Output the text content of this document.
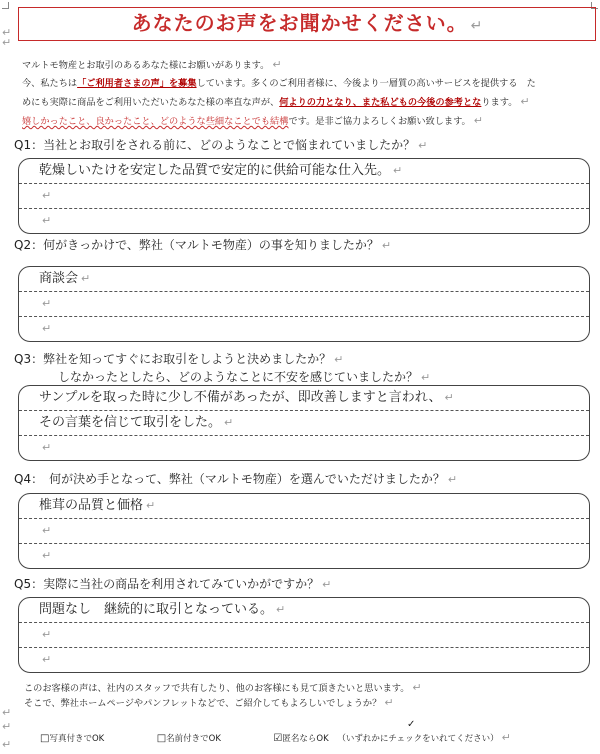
↵
↵
あなたのお声をお聞かせください。 ↵
マルトモ物産とお取引のあるあなた様にお願いがあります。 ↵
今、私たちは「ご利用者さまの声」を募集しています。多くのご利用者様に、今後より一層質の高いサービスを提供する　た
めにも実際に商品をご利用いただいたあなた様の率直な声が、何よりの力となり、また私どもの今後の参考となります。 ↵
嬉しかったこと、良かったこと、どのような些細なことでも結構です。是非ご協力よろしくお願い致します。 ↵
Q1：当社とお取引をされる前に、どのようなことで悩まれていましたか？ ↵
乾燥しいたけを安定した品質で安定的に供給可能な仕入先。 ↵
↵
↵
Q2：何がきっかけで、弊社（マルトモ物産）の事を知りましたか？ ↵
商談会 ↵
↵
↵
Q3：弊社を知ってすぐにお取引をしようと決めましたか？ ↵
しなかったとしたら、どのようなことに不安を感じていましたか？ ↵
サンプルを取った時に少し不備があったが、即改善しますと言われ、 ↵
その言葉を信じて取引をした。 ↵
↵
Q4：　何が決め手となって、弊社（マルトモ物産）を選んでいただけましたか？ ↵
椎茸の品質と価格 ↵
↵
↵
Q5：実際に当社の商品を利用されてみていかがですか？ ↵
問題なし　継続的に取引となっている。 ↵
↵
↵
このお客様の声は、社内のスタッフで共有したり、他のお客様にも見て頂きたいと思います。 ↵
そこで、弊社ホームページやパンフレットなどで、ご紹介してもよろしいでしょうか？ ↵
↵
↵
↵
✓
□写真付きでOK	□名前付きでOK	☑匿名ならOK （いずれかにチェックをいれてください） ↵
